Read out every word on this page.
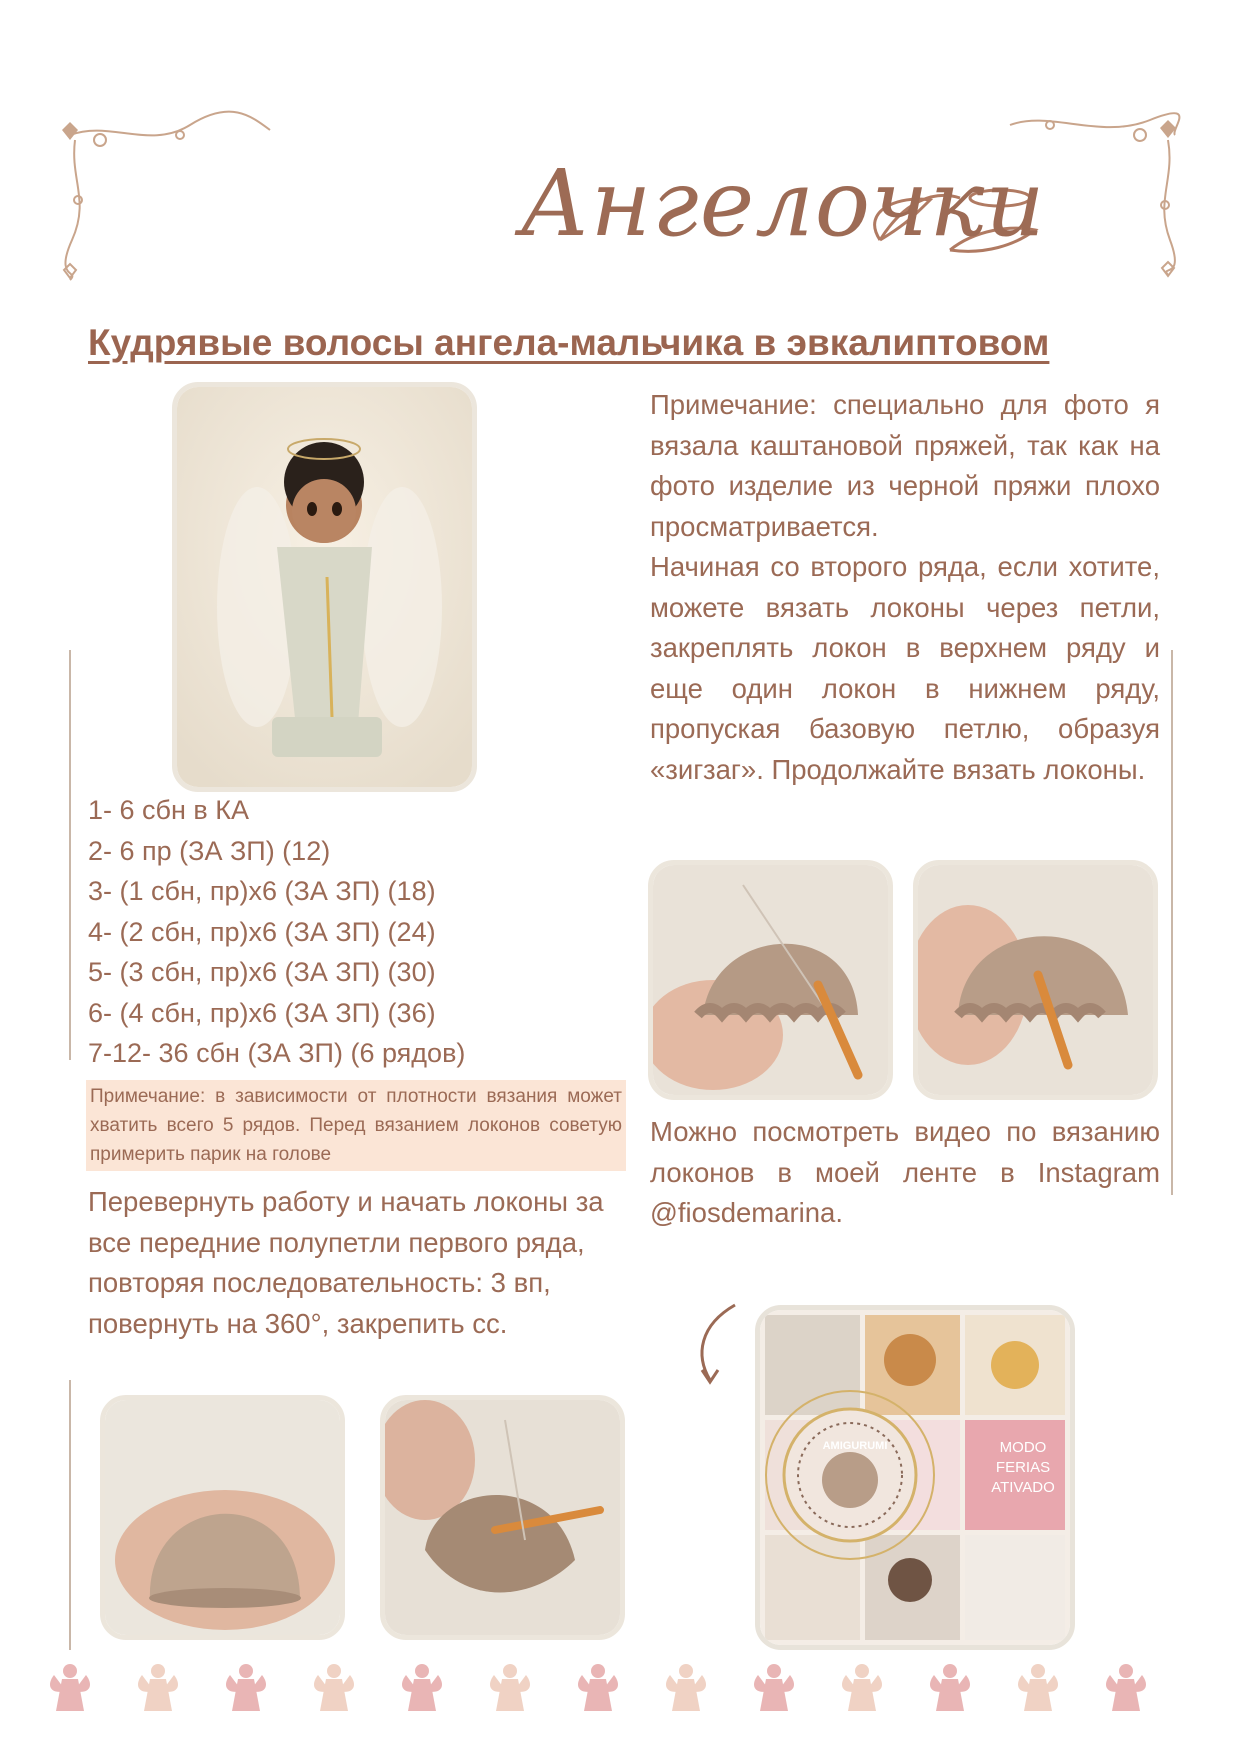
Ангелочки
Кудрявые волосы ангела-мальчика в эвкалиптовом

Примечание: специально для фото я вязала каштановой пряжей, так как на фото изделие из черной пряжи плохо просматривается.

Начиная со второго ряда, если хотите, можете вязать локоны через петли, закреплять локон в верхнем ряду и еще один локон в нижнем ряду, пропуская базовую петлю, образуя «зигзаг». Продолжайте вязать локоны.

1- 6 сбн в КА
2- 6 пр (ЗА ЗП) (12)
3- (1 сбн, пр)х6 (ЗА ЗП) (18)
4- (2 сбн, пр)х6 (ЗА ЗП) (24)
5- (3 сбн, пр)х6 (ЗА ЗП) (30)
6- (4 сбн, пр)х6 (ЗА ЗП) (36)
7-12- 36 сбн (ЗА ЗП) (6 рядов)
Примечание: в зависимости от плотности вязания может хватить всего 5 рядов. Перед вязанием локонов советую примерить парик на голове
Перевернуть работу и начать локоны за все передние полупетли первого ряда, повторяя последовательность: 3 вп, повернуть на 360°, закрепить сс.
Можно посмотреть видео по вязанию локонов в моей ленте в Instagram @fiosdemarina.
MODO FERIAS ATIVADO
AMIGURUMI
